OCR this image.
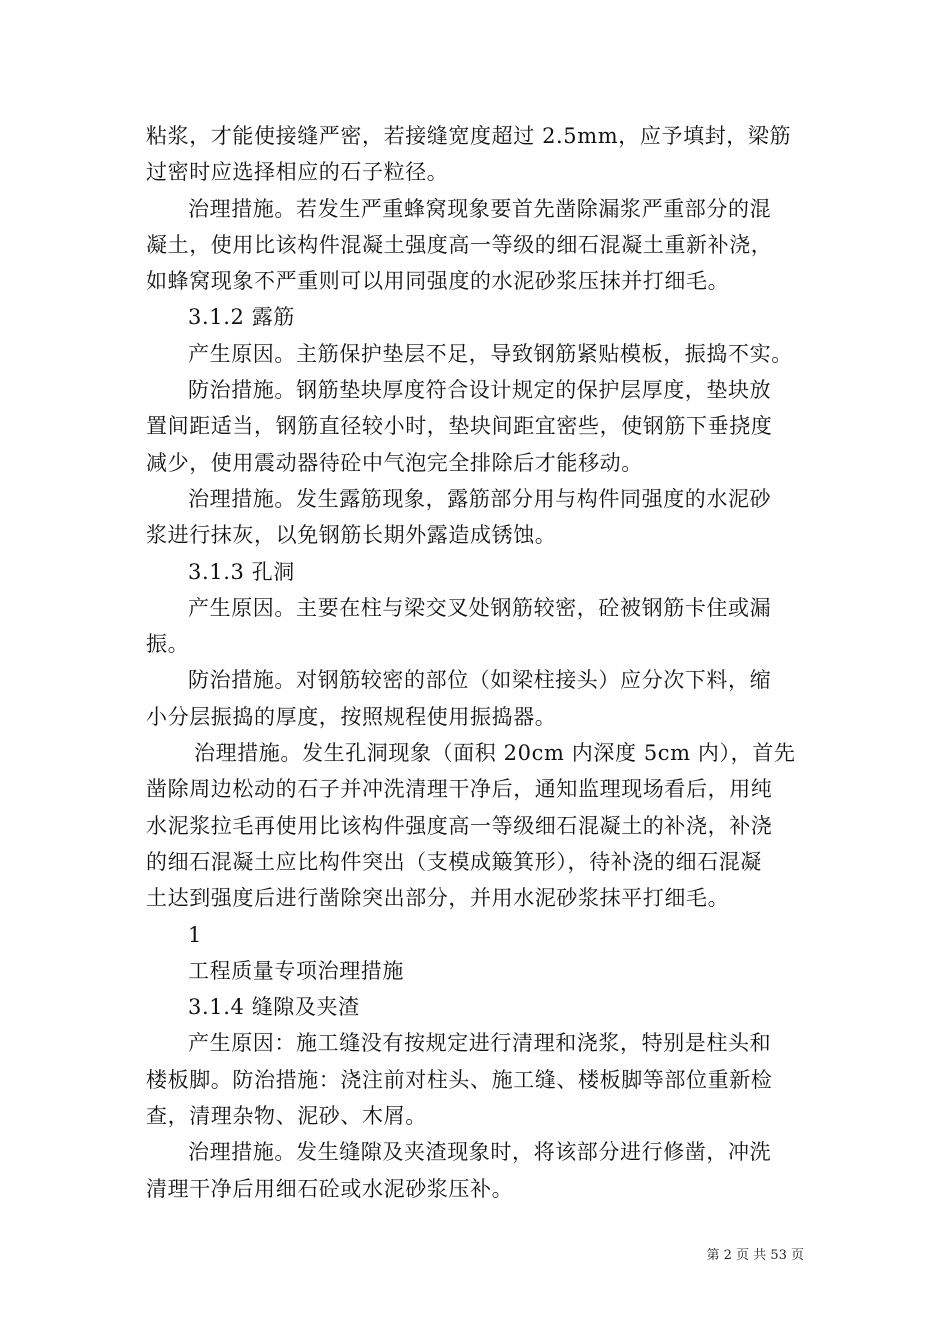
粘浆，才能使接缝严密，若接缝宽度超过 2.5mm，应予填封，梁筋
过密时应选择相应的石子粒径。
治理措施。若发生严重蜂窝现象要首先凿除漏浆严重部分的混
凝土，使用比该构件混凝土强度高一等级的细石混凝土重新补浇，
如蜂窝现象不严重则可以用同强度的水泥砂浆压抹并打细毛。
3.1.2 露筋
产生原因。主筋保护垫层不足，导致钢筋紧贴模板，振捣不实。
防治措施。钢筋垫块厚度符合设计规定的保护层厚度，垫块放
置间距适当，钢筋直径较小时，垫块间距宜密些，使钢筋下垂挠度
减少，使用震动器待砼中气泡完全排除后才能移动。
治理措施。发生露筋现象，露筋部分用与构件同强度的水泥砂
浆进行抹灰，以免钢筋长期外露造成锈蚀。
3.1.3 孔洞
产生原因。主要在柱与梁交叉处钢筋较密，砼被钢筋卡住或漏
振。
防治措施。对钢筋较密的部位（如梁柱接头）应分次下料，缩
小分层振捣的厚度，按照规程使用振捣器。
治理措施。发生孔洞现象（面积 20cm 内深度 5cm 内），首先
凿除周边松动的石子并冲洗清理干净后，通知监理现场看后，用纯
水泥浆拉毛再使用比该构件强度高一等级细石混凝土的补浇，补浇
的细石混凝土应比构件突出（支模成簸箕形），待补浇的细石混凝
土达到强度后进行凿除突出部分，并用水泥砂浆抹平打细毛。
1
工程质量专项治理措施
3.1.4 缝隙及夹渣
产生原因：施工缝没有按规定进行清理和浇浆，特别是柱头和
楼板脚。防治措施：浇注前对柱头、施工缝、楼板脚等部位重新检
查，清理杂物、泥砂、木屑。
治理措施。发生缝隙及夹渣现象时，将该部分进行修凿，冲洗
清理干净后用细石砼或水泥砂浆压补。
第 2 页 共 53 页
